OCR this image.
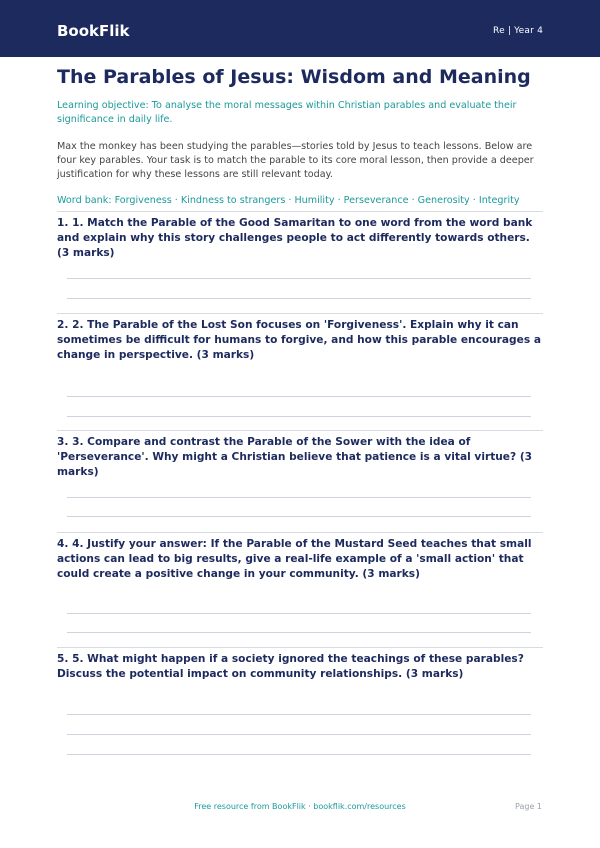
BookFlik	Re | Year 4
The Parables of Jesus: Wisdom and Meaning
Learning objective: To analyse the moral messages within Christian parables and evaluate their significance in daily life.
Max the monkey has been studying the parables—stories told by Jesus to teach lessons. Below are four key parables. Your task is to match the parable to its core moral lesson, then provide a deeper justification for why these lessons are still relevant today.
Word bank: Forgiveness · Kindness to strangers · Humility · Perseverance · Generosity · Integrity
1. 1. Match the Parable of the Good Samaritan to one word from the word bank and explain why this story challenges people to act differently towards others. (3 marks)
2. 2. The Parable of the Lost Son focuses on 'Forgiveness'. Explain why it can sometimes be difficult for humans to forgive, and how this parable encourages a change in perspective. (3 marks)
3. 3. Compare and contrast the Parable of the Sower with the idea of 'Perseverance'. Why might a Christian believe that patience is a vital virtue? (3 marks)
4. 4. Justify your answer: If the Parable of the Mustard Seed teaches that small actions can lead to big results, give a real-life example of a 'small action' that could create a positive change in your community. (3 marks)
5. 5. What might happen if a society ignored the teachings of these parables? Discuss the potential impact on community relationships. (3 marks)
Free resource from BookFlik · bookflik.com/resources	Page 1
